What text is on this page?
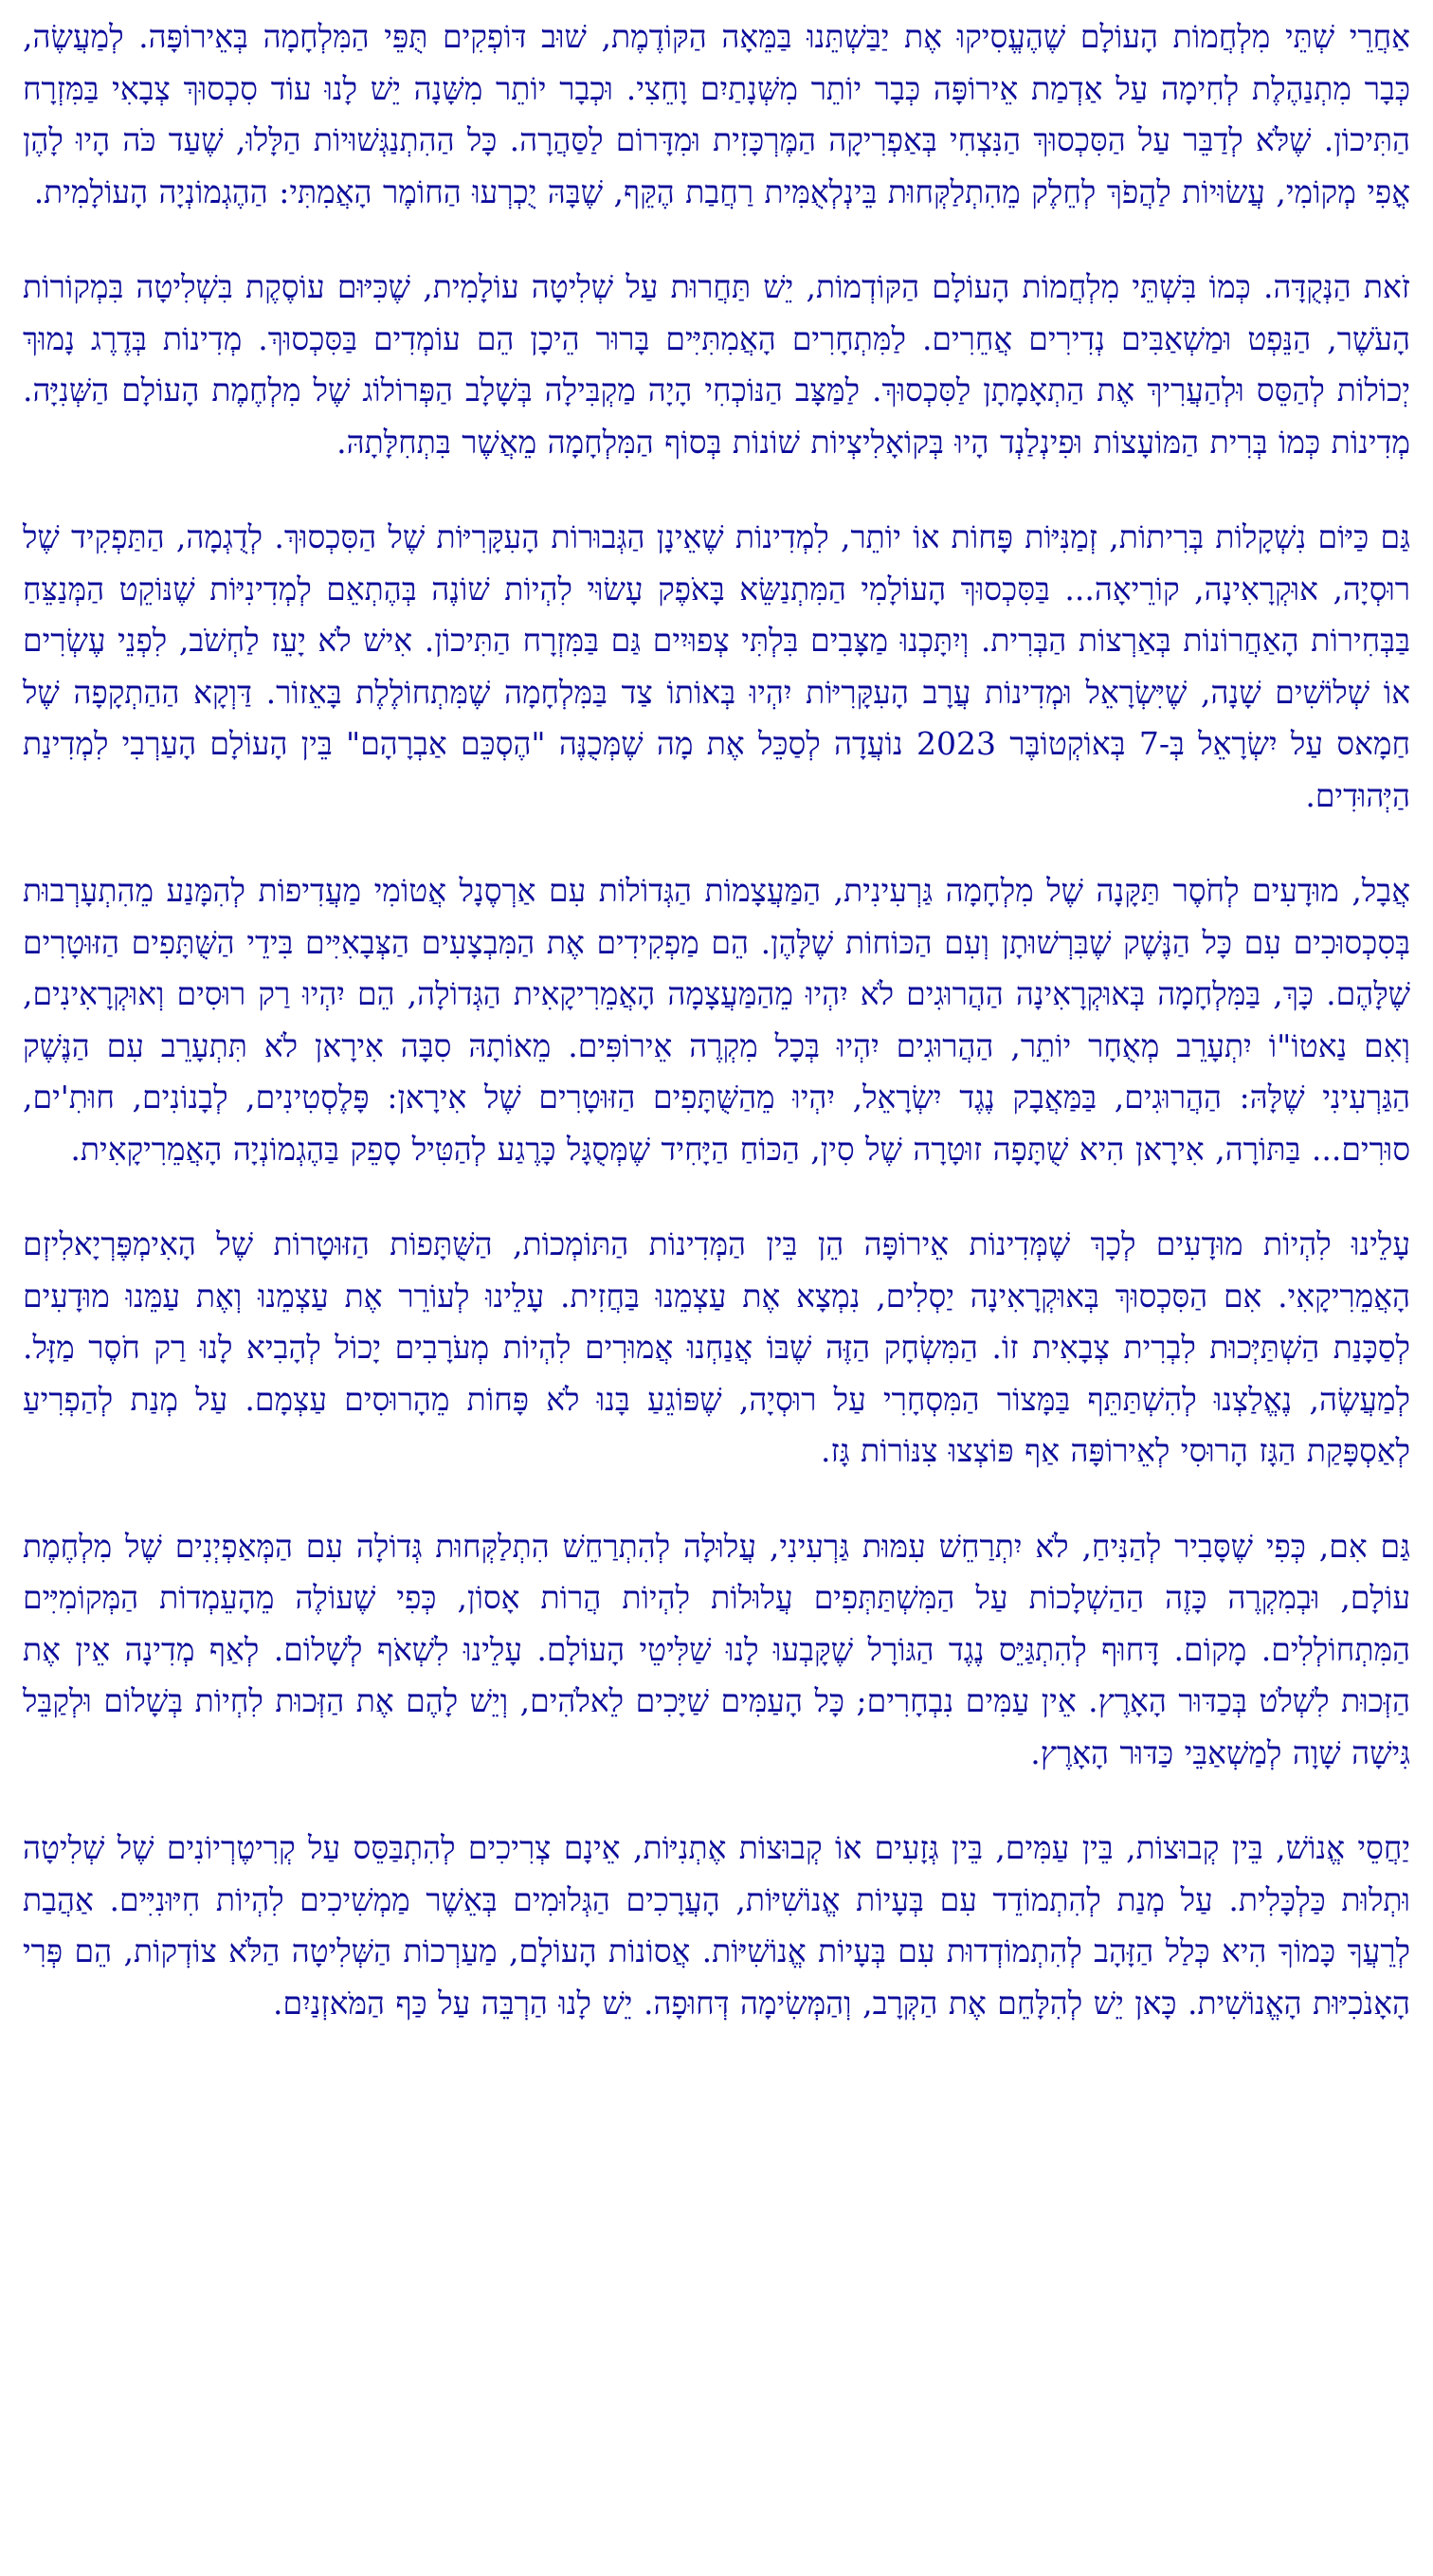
אַחֲרֵי שְׁתֵּי מִלְחֲמוֹת הָעוֹלָם שֶׁהֶעֱסִיקוּ אֶת יַבַּשְׁתֵּנוּ בַּמֵּאָה הַקּוֹדֶמֶת, שׁוּב דּוֹפְקִים תֻּפֵּי הַמִּלְחָמָה בְּאֵירוֹפָּה. לְמַעֲשֶׂה, כְּבָר מִתְנַהֶלֶת לְחִימָה עַל אַדְמַת אֵירוֹפָּה כְּבָר יוֹתֵר מִשְּׁנָתַיִם וָחֵצִי. וּכְבָר יוֹתֵר מִשָּׁנָה יֵשׁ לָנוּ עוֹד סִכְסוּךְ צְבָאִי בַּמִּזְרָח הַתִּיכוֹן. שֶׁלֹּא לְדַבֵּר עַל הַסִּכְסוּךְ הַנִּצְחִי בְּאַפְרִיקָה הַמֶּרְכָּזִית וּמִדָּרוֹם לַסַּהֲרָה. כָּל הַהִתְנַגְּשׁוּיוֹת הַלָּלוּ, שֶׁעַד כֹּה הָיוּ לָהֶן אֳפִי מְקוֹמִי, עֲשׂוּיוֹת לַהֲפֹךְ לְחֵלֶק מֵהִתְלַקְּחוּת בֵּינְלְאֻמִּית רַחֲבַת הֶקֵּף, שֶׁבָּהּ יֻכְרְעוּ הַחוֹמֶר הָאֲמִתִּי: הַהֶגְמוֹנְיָה הָעוֹלָמִית.

זֹאת הַנְּקֻדָּה. כְּמוֹ בִּשְׁתֵּי מִלְחֲמוֹת הָעוֹלָם הַקּוֹדְמוֹת, יֵשׁ תַּחֲרוּת עַל שְׁלִיטָה עוֹלָמִית, שֶׁכִּיּוּם עוֹסֶקֶת בִּשְׁלִיטָה בִּמְקוֹרוֹת הָעֹשֶׁר, הַנֵּפְט וּמַשְׁאַבִּים נְדִירִים אֲחֵרִים. לַמִּתְחָרִים הָאֲמִתִּיִּים בָּרוּר הֵיכָן הֵם עוֹמְדִים בַּסִּכְסוּךְ. מְדִינוֹת בְּדֶרֶג נָמוּךְ יְכוֹלוֹת לְהַסֵּס וּלְהַעֲרִיךְ אֶת הַתְאָמָתָן לַסִּכְסוּךְ. לַמַּצָּב הַנּוֹכְחִי הָיָה מַקְבִּילָה בְּשָׁלָב הַפְּרוֹלוֹג שֶׁל מִלְחֶמֶת הָעוֹלָם הַשְּׁנִיָּה. מְדִינוֹת כְּמוֹ בְּרִית הַמּוֹעָצוֹת וּפִינְלַנְד הָיוּ בְּקוֹאָלִיצְיוֹת שׁוֹנוֹת בְּסוֹף הַמִּלְחָמָה מֵאֲשֶׁר בִּתְחִלָּתָהּ.

גַּם כַּיּוֹם נִשְׁקָלוֹת בְּרִיתוֹת, זְמַנִּיּוֹת פָּחוֹת אוֹ יוֹתֵר, לִמְדִינוֹת שֶׁאֵינָן הַגְּבוּרוֹת הָעִקָּרִיּוֹת שֶׁל הַסִּכְסוּךְ. לְדֻגְמָה, הַתַּפְקִיד שֶׁל רוּסְיָה, אוּקְרָאִינָה, קוֹרֵיאָה... בַּסִּכְסוּךְ הָעוֹלָמִי הַמִּתְנַשֵּׂא בָּאֹפֶק עָשׂוּי לִהְיוֹת שׁוֹנֶה בְּהֶתְאֵם לְמְדִינִיּוֹת שֶׁנּוֹקֵט הַמְּנַצֵּחַ בַּבְּחִירוֹת הָאַחֲרוֹנוֹת בְּאַרְצוֹת הַבְּרִית. וְיִתָּכְנוּ מַצָּבִים בִּלְתִּי צְפוּיִים גַּם בַּמִּזְרָח הַתִּיכוֹן. אִישׁ לֹא יָעֵז לַחְשֹׁב, לִפְנֵי עֶשְׂרִים אוֹ שְׁלוֹשִׁים שָׁנָה, שֶׁיִּשְׂרָאֵל וּמְדִינוֹת עֲרָב הָעִקָּרִיּוֹת יִהְיוּ בְּאוֹתוֹ צַד בַּמִּלְחָמָה שֶׁמִּתְחוֹלֶלֶת בָּאֵזוֹר. דַּוְקָא הַהַתְקָפָה שֶׁל חַמָאס עַל יִשְׂרָאֵל בְּ-7 בְּאוֹקְטוֹבֶּר 2023 נוֹעֲדָה לְסַכֵּל אֶת מָה שֶׁמְּכֻנֶּה "הֶסְכֵּם אַבְרָהָם" בֵּין הָעוֹלָם הָעַרְבִי לִמְדִינַת הַיְּהוּדִים.

אֲבָל, מוּדָעִים לְחֹסֶר תַּקָּנָה שֶׁל מִלְחָמָה גַּרְעִינִית, הַמַּעֲצָמוֹת הַגְּדוֹלוֹת עִם אַרְסֶנָל אֲטוֹמִי מַעֲדִיפוֹת לְהִמָּנַע מֵהִתְעָרְבוּת בְּסִכְסוּכִים עִם כָּל הַנֶּשֶׁק שֶׁבִּרְשׁוּתָן וְעִם הַכּוֹחוֹת שֶׁלָּהֶן. הֵם מַפְקִידִים אֶת הַמִּבְצָעִים הַצְּבָאִיִּים בִּידֵי הַשֻּׁתָּפִים הַזּוּטָרִים שֶׁלָּהֶם. כָּךְ, בַּמִּלְחָמָה בְּאוּקְרָאִינָה הַהֲרוּגִים לֹא יִהְיוּ מֵהַמַּעֲצָמָה הָאֲמֵרִיקָאִית הַגְּדוֹלָה, הֵם יִהְיוּ רַק רוּסִים וְאוּקְרָאִינִים, וְאִם נַאטוֹ"וֹ יִתְעָרֵב מְאֻחָר יוֹתֵר, הַהֲרוּגִים יִהְיוּ בְּכָל מִקְרֶה אֵירוֹפִּים. מֵאוֹתָהּ סִבָּה אִירָאן לֹא תִּתְעָרֵב עִם הַנֶּשֶׁק הַגַּרְעִינִי שֶׁלָּהּ: הַהֲרוּגִים, בַּמַּאֲבָק נֶגֶד יִשְׂרָאֵל, יִהְיוּ מֵהַשֻּׁתָּפִים הַזּוּטָרִים שֶׁל אִירָאן: פָּלֶסְטִינִים, לְבָנוֹנִים, חוּתִ'ים, סוּרִים... בַּתּוֹרָה, אִירָאן הִיא שֻׁתָּפָה זוּטָרָה שֶׁל סִין, הַכּוֹחַ הַיָּחִיד שֶׁמְּסֻגָּל כָּרֶגַע לְהַטִּיל סָפֵק בַּהֶגְמוֹנְיָה הָאֲמֵרִיקָאִית.

עָלֵינוּ לִהְיוֹת מוּדָעִים לְכָךְ שֶׁמְּדִינוֹת אֵירוֹפָּה הֵן בֵּין הַמְּדִינוֹת הַתּוֹמְכוֹת, הַשֻּׁתָּפוֹת הַזּוּטָרוֹת שֶׁל הָאִימְפֶּרְיָאלִיזְם הָאֲמֵרִיקָאִי. אִם הַסִּכְסוּךְ בְּאוּקְרָאִינָה יַסְלִים, נִמְצָא אֶת עַצְמֵנוּ בַּחֲזִית. עָלֵינוּ לְעוֹרֵר אֶת עַצְמֵנוּ וְאֶת עַמֵּנוּ מוּדָעִים לְסַכָּנַת הַשְׁתַּיְּכוּת לִבְרִית צְבָאִית זוֹ. הַמִּשְׂחָק הַזֶּה שֶׁבּוֹ אֲנַחְנוּ אֲמוּרִים לִהְיוֹת מְעֹרָבִים יָכוֹל לְהָבִיא לָנוּ רַק חֹסֶר מַזָּל. לְמַעֲשֶׂה, נֶאֱלַצְנוּ לְהִשְׁתַּתֵּף בַּמָּצוֹר הַמִּסְחָרִי עַל רוּסְיָה, שֶׁפּוֹגֵעַ בָּנוּ לֹא פָּחוֹת מֵהָרוּסִים עַצְמָם. עַל מְנַת לְהַפְרִיעַ לְאַסְפָּקַת הַגָּז הָרוּסִי לְאֵירוֹפָּה אַף פּוֹצְצוּ צִנּוֹרוֹת גָּז.

גַּם אִם, כְּפִי שֶׁסָּבִיר לְהַנִּיחַ, לֹא יִתְרַחֵשׁ עִמּוּת גַּרְעִינִי, עֲלוּלָה לְהִתְרַחֵשׁ הִתְלַקְּחוּת גְּדוֹלָה עִם הַמְּאַפְיְנִים שֶׁל מִלְחֶמֶת עוֹלָם, וּבְמִקְרֶה כָּזֶה הַהַשְׁלָכוֹת עַל הַמִּשְׁתַּתְּפִים עֲלוּלוֹת לִהְיוֹת הֲרוֹת אָסוֹן, כְּפִי שֶׁעוֹלֶה מֵהָעֵמְדוֹת הַמְּקוֹמִיִּים הַמִּתְחוֹלְלִים. מָקוֹם. דָּחוּף לְהִתְגַּיֵּס נֶגֶד הַגּוֹרָל שֶׁקָּבְעוּ לָנוּ שַׁלִּיטֵי הָעוֹלָם. עָלֵינוּ לִשְׁאֹף לְשָׁלוֹם. לְאַף מְדִינָה אֵין אֶת הַזְּכוּת לִשְׁלֹט בְּכַדּוּר הָאָרֶץ. אֵין עַמִּים נִבְחָרִים; כָּל הָעַמִּים שַׁיָּכִים לֵאלֹהִים, וְיֵשׁ לָהֶם אֶת הַזְּכוּת לִחְיוֹת בְּשָׁלוֹם וּלְקַבֵּל גִּישָׁה שָׁוָה לְמַשְׁאַבֵּי כַּדּוּר הָאָרֶץ.

יַחֲסֵי אֱנוֹשׁ, בֵּין קְבוּצוֹת, בֵּין עַמִּים, בֵּין גְּזָעִים אוֹ קְבוּצוֹת אֶתְנִיּוֹת, אֵינָם צְרִיכִים לְהִתְבַּסֵּס עַל קְרִיטֶרְיוֹנִים שֶׁל שְׁלִיטָה וּתְלוּת כַּלְכָּלִית. עַל מְנַת לְהִתְמוֹדֵד עִם בְּעָיוֹת אֱנוֹשִׁיּוֹת, הָעֲרָכִים הַגְּלוּמִים בְּאֵשֶׁר מַמְשִׁיכִים לִהְיוֹת חִיּוּנִיִּים. אַהֲבַת לְרֵעֲךָ כָּמוֹךָ הִיא כְּלַל הַזָּהָב לְהִתְמוֹדְדוּת עִם בְּעָיוֹת אֱנוֹשִׁיּוֹת. אֲסוֹנוֹת הָעוֹלָם, מַעַרְכוֹת הַשְּׁלִיטָה הַלֹּא צוֹדְקוֹת, הֵם פְּרִי הָאָנֹכִיּוּת הָאֱנוֹשִׁית. כָּאן יֵשׁ לְהִלָּחֵם אֶת הַקְּרָב, וְהַמְּשִׂימָה דְּחוּפָה. יֵשׁ לָנוּ הַרְבֵּה עַל כַּף הַמֹּאזְנַיִם.
